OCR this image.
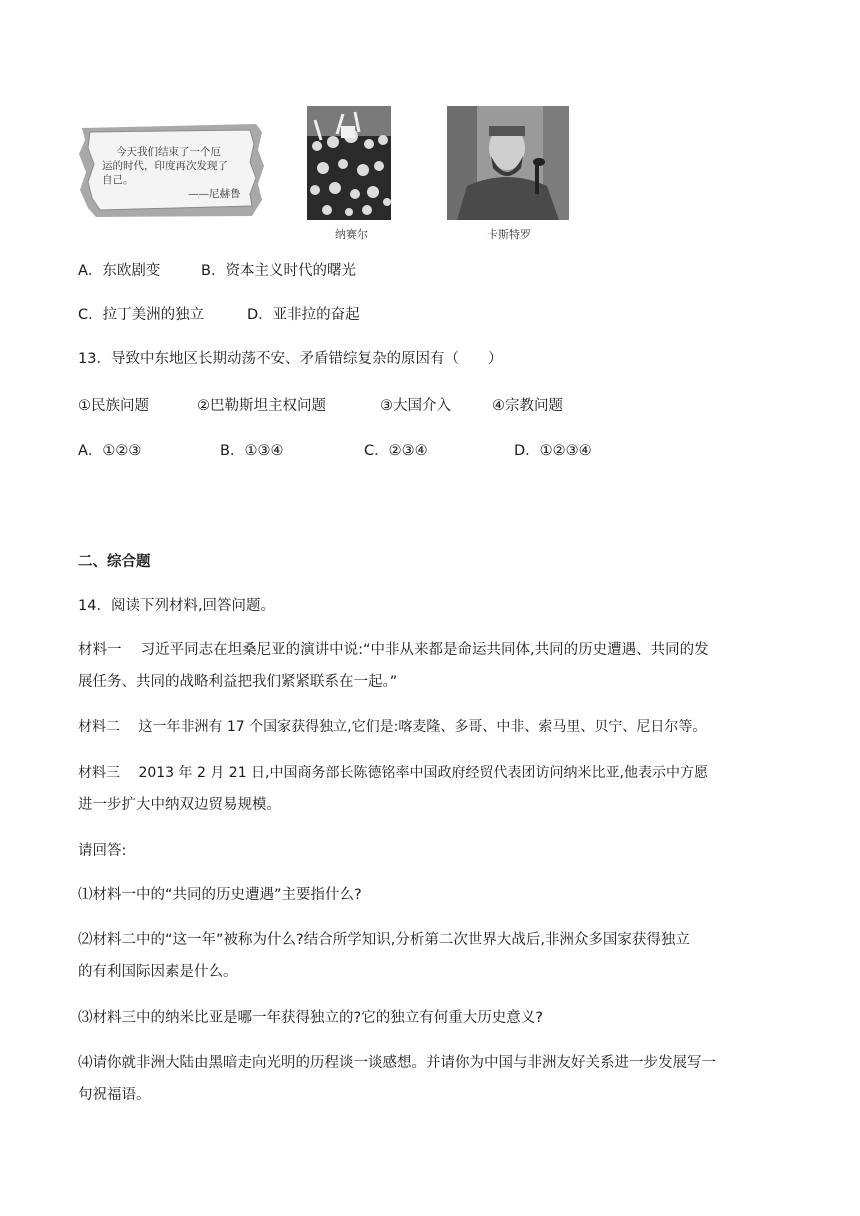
今天我们结束了一个厄
运的时代，印度再次发现了
自己。
——尼赫鲁
纳赛尔	卡斯特罗
A．东欧剧变	B．资本主义时代的曙光
C．拉丁美洲的独立	D．亚非拉的奋起
13．导致中东地区长期动荡不安、矛盾错综复杂的原因有（　　）
①民族问题	②巴勒斯坦主权问题	③大国介入	④宗教问题
A．①②③	B．①③④	C．②③④	D．①②③④
二、综合题
14．阅读下列材料,回答问题。
材料一　 习近平同志在坦桑尼亚的演讲中说:“中非从来都是命运共同体,共同的历史遭遇、共同的发
展任务、共同的战略利益把我们紧紧联系在一起。”
材料二　 这一年非洲有 17 个国家获得独立,它们是:喀麦隆、多哥、中非、索马里、贝宁、尼日尔等。
材料三　 2013 年 2 月 21 日,中国商务部长陈德铭率中国政府经贸代表团访问纳米比亚,他表示中方愿
进一步扩大中纳双边贸易规模。
请回答:
⑴材料一中的“共同的历史遭遇”主要指什么?
⑵材料二中的“这一年”被称为什么?结合所学知识,分析第二次世界大战后,非洲众多国家获得独立
的有利国际因素是什么。
⑶材料三中的纳米比亚是哪一年获得独立的?它的独立有何重大历史意义?
⑷请你就非洲大陆由黑暗走向光明的历程谈一谈感想。并请你为中国与非洲友好关系进一步发展写一
句祝福语。
